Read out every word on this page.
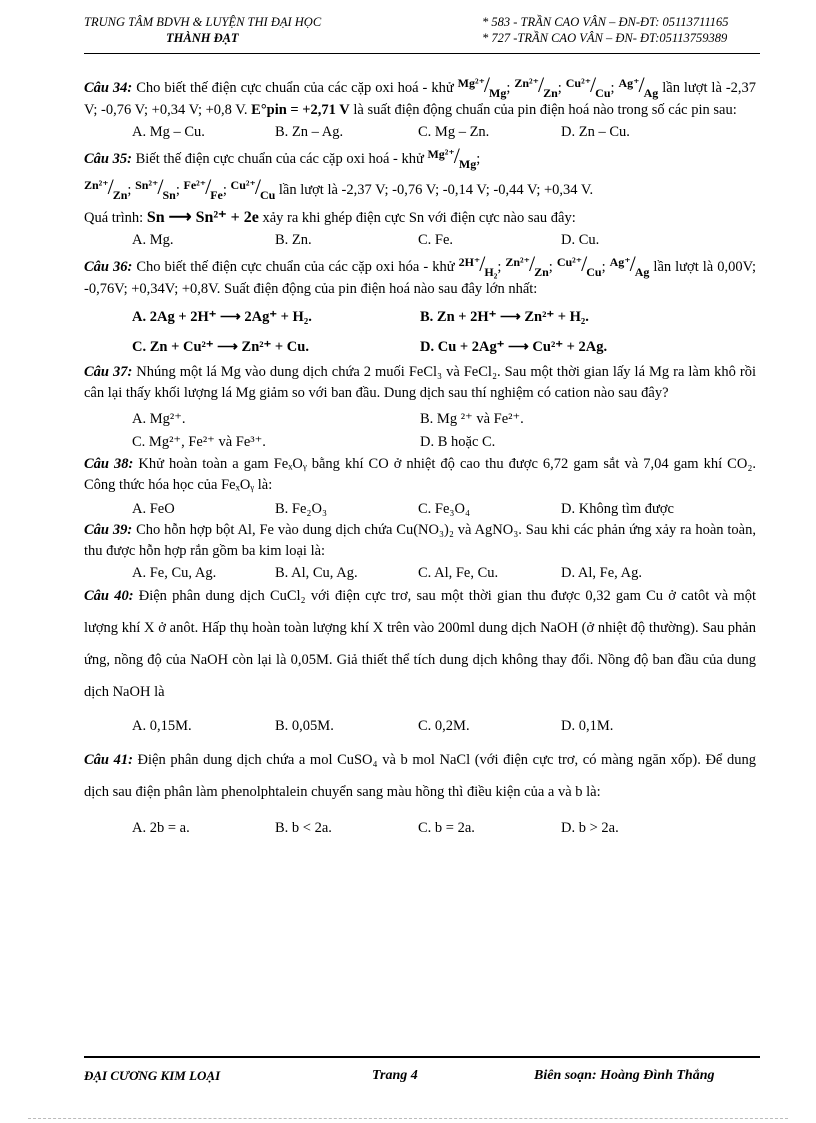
TRUNG TÂM BDVH & LUYỆN THI ĐẠI HỌC
THÀNH ĐẠT
* 583 - TRẦN CAO VÂN – ĐN-ĐT: 05113711165
* 727 -TRẦN CAO VÂN – ĐN- ĐT:05113759389

Câu 34: Cho biết thế điện cực chuẩn của các cặp oxi hoá - khử Mg²⁺/Mg; Zn²⁺/Zn; Cu²⁺/Cu; Ag⁺/Ag lần lượt là -2,37 V; -0,76 V; +0,34 V; +0,8 V. E°pin = +2,71 V là suất điện động chuẩn của pin điện hoá nào trong số các pin sau:

A. Mg – Cu.	B. Zn – Ag.	C. Mg – Zn.	D. Zn – Cu.

Câu 35: Biết thế điện cực chuẩn của các cặp oxi hoá - khử Mg²⁺/Mg;

Zn²⁺/Zn; Sn²⁺/Sn; Fe²⁺/Fe; Cu²⁺/Cu lần lượt là -2,37 V; -0,76 V; -0,14 V; -0,44 V; +0,34 V.

Quá trình: Sn ⟶ Sn²⁺ + 2e xảy ra khi ghép điện cực Sn với điện cực nào sau đây:

A. Mg.	B. Zn.	C. Fe.	D. Cu.

Câu 36: Cho biết thế điện cực chuẩn của các cặp oxi hóa - khử 2H⁺/H₂; Zn²⁺/Zn; Cu²⁺/Cu; Ag⁺/Ag lần lượt là 0,00V; -0,76V; +0,34V; +0,8V. Suất điện động của pin điện hoá nào sau đây lớn nhất:

A. 2Ag + 2H⁺ ⟶ 2Ag⁺ + H₂.	B. Zn + 2H⁺ ⟶ Zn²⁺ + H₂.
C. Zn + Cu²⁺ ⟶ Zn²⁺ + Cu.	D. Cu + 2Ag⁺ ⟶ Cu²⁺ + 2Ag.

Câu 37: Nhúng một lá Mg vào dung dịch chứa 2 muối FeCl₃ và FeCl₂. Sau một thời gian lấy lá Mg ra làm khô rồi cân lại thấy khối lượng lá Mg giảm so với ban đầu. Dung dịch sau thí nghiệm có cation nào sau đây?

A. Mg²⁺.	B. Mg ²⁺ và Fe²⁺.
C. Mg²⁺, Fe²⁺ và Fe³⁺.	D. B hoặc C.

Câu 38: Khử hoàn toàn a gam FeₓOᵧ bằng khí CO ở nhiệt độ cao thu được 6,72 gam sắt và 7,04 gam khí CO₂. Công thức hóa học của FeₓOᵧ là:

A. FeO	B. Fe₂O₃	C. Fe₃O₄	D. Không tìm được

Câu 39: Cho hỗn hợp bột Al, Fe vào dung dịch chứa Cu(NO₃)₂ và AgNO₃. Sau khi các phản ứng xảy ra hoàn toàn, thu được hỗn hợp rắn gồm ba kim loại là:

A. Fe, Cu, Ag.	B. Al, Cu, Ag.	C. Al, Fe, Cu.	D. Al, Fe, Ag.

Câu 40: Điện phân dung dịch CuCl₂ với điện cực trơ, sau một thời gian thu được 0,32 gam Cu ở catôt và một lượng khí X ở anôt. Hấp thụ hoàn toàn lượng khí X trên vào 200ml dung dịch NaOH (ở nhiệt độ thường). Sau phản ứng, nồng độ của NaOH còn lại là 0,05M. Giả thiết thể tích dung dịch không thay đổi. Nồng độ ban đầu của dung dịch NaOH là

A. 0,15M.	B. 0,05M.	C. 0,2M.	D. 0,1M.

Câu 41: Điện phân dung dịch chứa a mol CuSO₄ và b mol NaCl (với điện cực trơ, có màng ngăn xốp). Để dung dịch sau điện phân làm phenolphtalein chuyển sang màu hồng thì điều kiện của a và b là:

A. 2b = a.	B. b < 2a.	C. b = 2a.	D. b > 2a.
ĐẠI CƯƠNG KIM LOẠI	Trang 4	Biên soạn: Hoàng Đình Thắng
